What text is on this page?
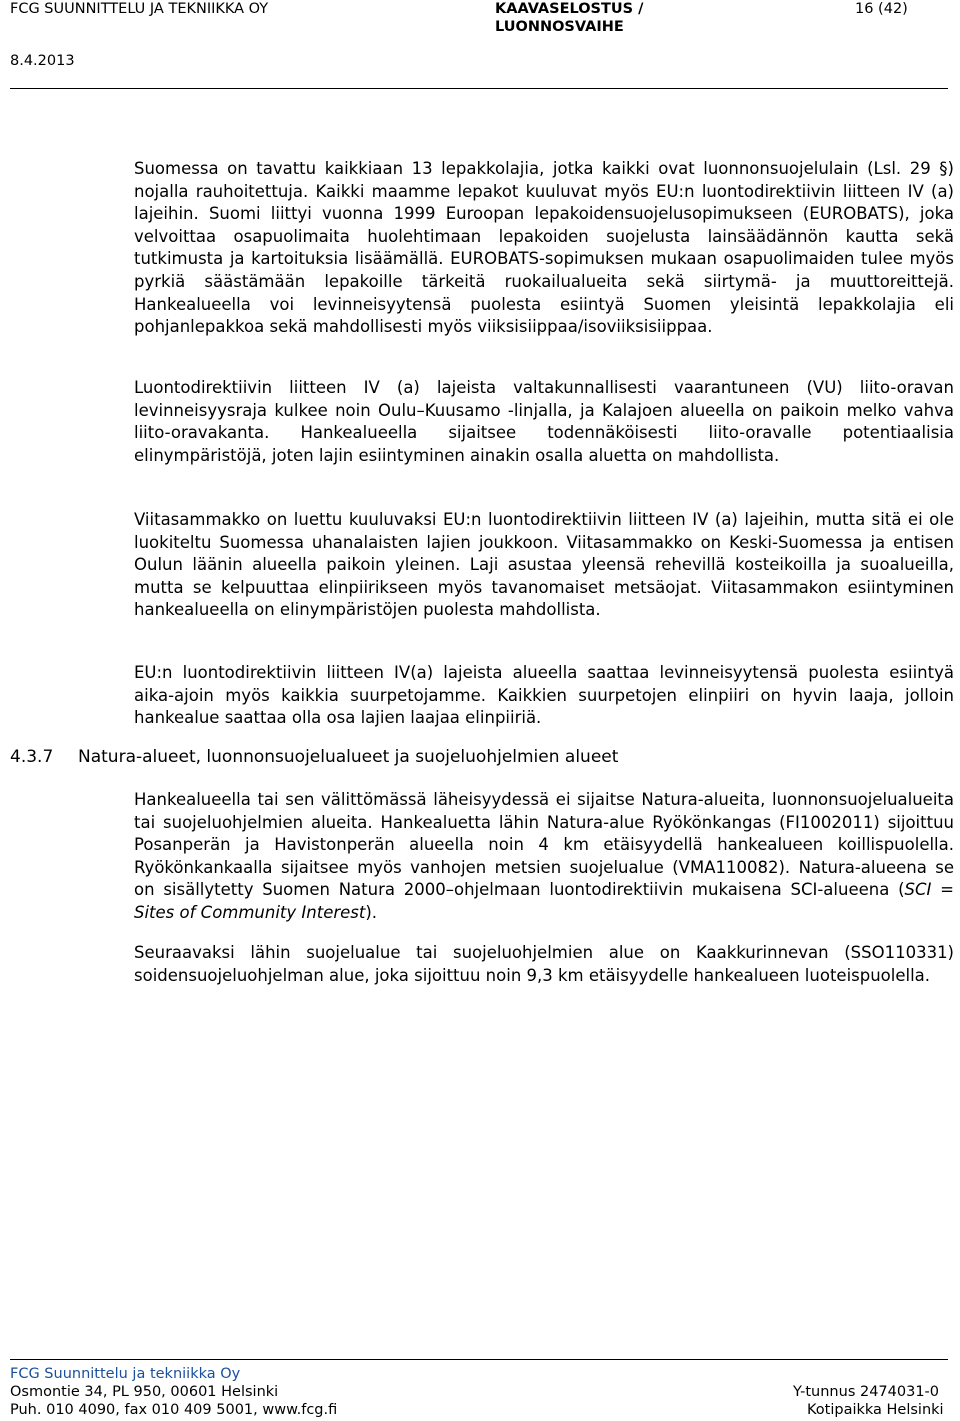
FCG SUUNNITTELU JA TEKNIIKKA OY
8.4.2013
KAAVASELOSTUS /
LUONNOSVAIHE
16 (42)

Suomessa on tavattu kaikkiaan 13 lepakkolajia, jotka kaikki ovat luonnonsuojelulain (Lsl. 29 §) nojalla rauhoitettuja. Kaikki maamme lepakot kuuluvat myös EU:n luontodirektiivin liitteen IV (a) lajeihin. Suomi liittyi vuonna 1999 Euroopan lepakoidensuojelusopimukseen (EUROBATS), joka velvoittaa osapuolimaita huolehtimaan lepakoiden suojelusta lainsäädännön kautta sekä tutkimusta ja kartoituksia lisäämällä. EUROBATS-sopimuksen mukaan osapuolimaiden tulee myös pyrkiä säästämään lepakoille tärkeitä ruokailualueita sekä siirtymä- ja muuttoreittejä. Hankealueella voi levinneisyytensä puolesta esiintyä Suomen yleisintä lepakkolajia eli pohjanlepakkoa sekä mahdollisesti myös viiksisiippaa/isoviiksisiippaa.

Luontodirektiivin liitteen IV (a) lajeista valtakunnallisesti vaarantuneen (VU) liito-oravan levinneisyysraja kulkee noin Oulu–Kuusamo -linjalla, ja Kalajoen alueella on paikoin melko vahva liito-oravakanta. Hankealueella sijaitsee todennäköisesti liito-oravalle potentiaalisia elinympäristöjä, joten lajin esiintyminen ainakin osalla aluetta on mahdollista.

Viitasammakko on luettu kuuluvaksi EU:n luontodirektiivin liitteen IV (a) lajeihin, mutta sitä ei ole luokiteltu Suomessa uhanalaisten lajien joukkoon. Viitasammakko on Keski-Suomessa ja entisen Oulun läänin alueella paikoin yleinen. Laji asustaa yleensä rehevillä kosteikoilla ja suoalueilla, mutta se kelpuuttaa elinpiirikseen myös tavanomaiset metsäojat. Viitasammakon esiintyminen hankealueella on elinympäristöjen puolesta mahdollista.

EU:n luontodirektiivin liitteen IV(a) lajeista alueella saattaa levinneisyytensä puolesta esiintyä aika-ajoin myös kaikkia suurpetojamme. Kaikkien suurpetojen elinpiiri on hyvin laaja, jolloin hankealue saattaa olla osa lajien laajaa elinpiiriä.

4.3.7 Natura-alueet, luonnonsuojelualueet ja suojeluohjelmien alueet

Hankealueella tai sen välittömässä läheisyydessä ei sijaitse Natura-alueita, luonnonsuojelualueita tai suojeluohjelmien alueita. Hankealuetta lähin Natura-alue Ryökönkangas (FI1002011) sijoittuu Posanperän ja Havistonperän alueella noin 4 km etäisyydellä hankealueen koillispuolella. Ryökönkankaalla sijaitsee myös vanhojen metsien suojelualue (VMA110082). Natura-alueena se on sisällytetty Suomen Natura 2000–ohjelmaan luontodirektiivin mukaisena SCI-alueena (SCI = Sites of Community Interest).

Seuraavaksi lähin suojelualue tai suojeluohjelmien alue on Kaakkurinnevan (SSO110331) soidensuojeluohjelman alue, joka sijoittuu noin 9,3 km etäisyydelle hankealueen luoteispuolella.

FCG Suunnittelu ja tekniikka Oy
Osmontie 34, PL 950, 00601 Helsinki
Puh. 010 4090, fax 010 409 5001, www.fcg.fi
Y-tunnus 2474031-0
Kotipaikka Helsinki
